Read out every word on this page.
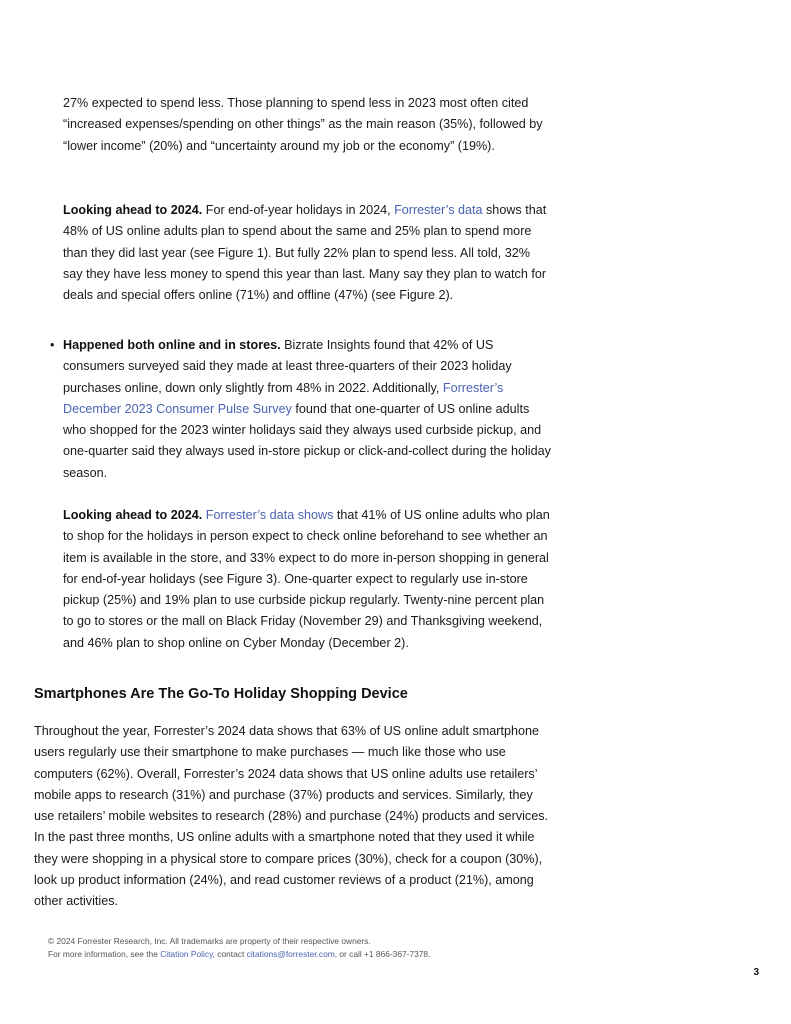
27% expected to spend less. Those planning to spend less in 2023 most often cited “increased expenses/spending on other things” as the main reason (35%), followed by “lower income” (20%) and “uncertainty around my job or the economy” (19%).

Looking ahead to 2024. For end-of-year holidays in 2024, Forrester’s data shows that 48% of US online adults plan to spend about the same and 25% plan to spend more than they did last year (see Figure 1). But fully 22% plan to spend less. All told, 32% say they have less money to spend this year than last. Many say they plan to watch for deals and special offers online (71%) and offline (47%) (see Figure 2).

• Happened both online and in stores. Bizrate Insights found that 42% of US consumers surveyed said they made at least three-quarters of their 2023 holiday purchases online, down only slightly from 48% in 2022. Additionally, Forrester’s December 2023 Consumer Pulse Survey found that one-quarter of US online adults who shopped for the 2023 winter holidays said they always used curbside pickup, and one-quarter said they always used in-store pickup or click-and-collect during the holiday season.

Looking ahead to 2024. Forrester’s data shows that 41% of US online adults who plan to shop for the holidays in person expect to check online beforehand to see whether an item is available in the store, and 33% expect to do more in-person shopping in general for end-of-year holidays (see Figure 3). One-quarter expect to regularly use in-store pickup (25%) and 19% plan to use curbside pickup regularly. Twenty-nine percent plan to go to stores or the mall on Black Friday (November 29) and Thanksgiving weekend, and 46% plan to shop online on Cyber Monday (December 2).

Smartphones Are The Go-To Holiday Shopping Device

Throughout the year, Forrester’s 2024 data shows that 63% of US online adult smartphone users regularly use their smartphone to make purchases — much like those who use computers (62%). Overall, Forrester’s 2024 data shows that US online adults use retailers’ mobile apps to research (31%) and purchase (37%) products and services. Similarly, they use retailers’ mobile websites to research (28%) and purchase (24%) products and services. In the past three months, US online adults with a smartphone noted that they used it while they were shopping in a physical store to compare prices (30%), check for a coupon (30%), look up product information (24%), and read customer reviews of a product (21%), among other activities.

© 2024 Forrester Research, Inc. All trademarks are property of their respective owners.
For more information, see the Citation Policy, contact citations@forrester.com, or call +1 866-367-7378.
3
